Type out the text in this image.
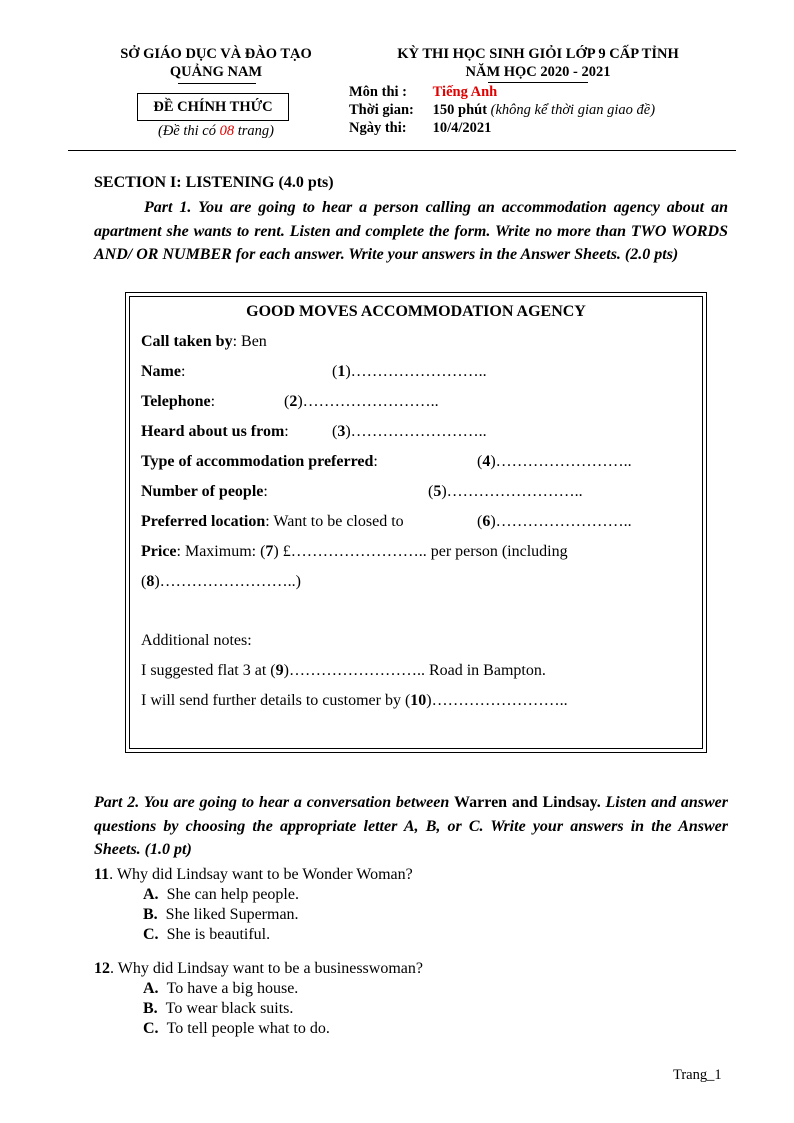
SỞ GIÁO DỤC VÀ ĐÀO TẠO
QUẢNG NAM
ĐỀ CHÍNH THỨC
(Đề thi có 08 trang)
KỲ THI HỌC SINH GIỎI LỚP 9 CẤP TỈNH
NĂM HỌC 2020 - 2021
Môn thi : Tiếng Anh
Thời gian: 150 phút (không kể thời gian giao đề)
Ngày thi: 10/4/2021
SECTION I: LISTENING (4.0 pts)
Part 1. You are going to hear a person calling an accommodation agency about an apartment she wants to rent. Listen and complete the form. Write no more than TWO WORDS AND/ OR NUMBER for each answer. Write your answers in the Answer Sheets. (2.0 pts)
GOOD MOVES ACCOMMODATION AGENCY
Call taken by: Ben
Name:	(1)……………………..
Telephone:	(2)……………………..
Heard about us from:	(3)……………………..
Type of accommodation preferred:	(4)……………………..
Number of people:	(5)……………………..
Preferred location: Want to be closed to	(6)……………………..
Price: Maximum: (7) £…………………….. per person (including
(8)……………………..)
Additional notes:
I suggested flat 3 at (9)…………………….. Road in Bampton.
I will send further details to customer by (10)……………………..
Part 2. You are going to hear a conversation between Warren and Lindsay. Listen and answer questions by choosing the appropriate letter A, B, or C. Write your answers in the Answer Sheets. (1.0 pt)
11. Why did Lindsay want to be Wonder Woman?
A. She can help people.
B. She liked Superman.
C. She is beautiful.
12. Why did Lindsay want to be a businesswoman?
A. To have a big house.
B. To wear black suits.
C. To tell people what to do.
Trang_1
